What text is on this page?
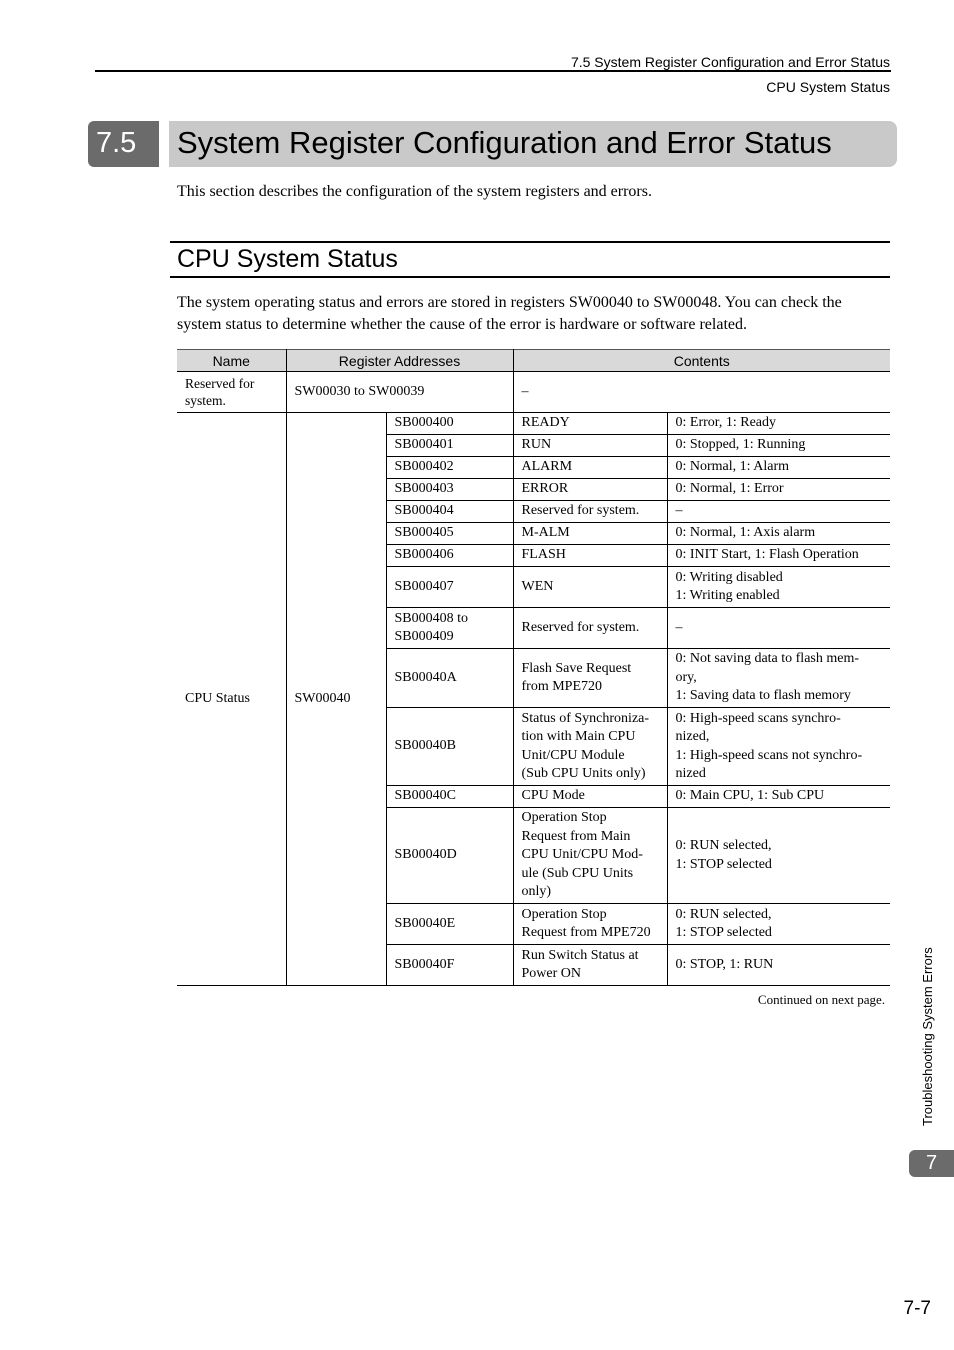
7.5 System Register Configuration and Error Status
CPU System Status
7.5	System Register Configuration and Error Status

This section describes the configuration of the system registers and errors.

CPU System Status

The system operating status and errors are stored in registers SW00040 to SW00048. You can check the system status to determine whether the cause of the error is hardware or software related.

Name	Register Addresses		Contents	
Reserved for system.	SW00030 to SW00039		–	
CPU Status	SW00040	SB000400	READY	0: Error, 1: Ready
		SB000401	RUN	0: Stopped, 1: Running
		SB000402	ALARM	0: Normal, 1: Alarm
		SB000403	ERROR	0: Normal, 1: Error
		SB000404	Reserved for system.	–
		SB000405	M-ALM	0: Normal, 1: Axis alarm
		SB000406	FLASH	0: INIT Start, 1: Flash Operation
		SB000407	WEN	0: Writing disabled
1: Writing enabled
		SB000408 to
SB000409	Reserved for system.	–
		SB00040A	Flash Save Request
from MPE720	0: Not saving data to flash mem-
ory,
1: Saving data to flash memory
		SB00040B	Status of Synchroniza-
tion with Main CPU
Unit/CPU Module
(Sub CPU Units only)	0: High-speed scans synchro-
nized,
1: High-speed scans not synchro-
nized
		SB00040C	CPU Mode	0: Main CPU, 1: Sub CPU
		SB00040D	Operation Stop
Request from Main
CPU Unit/CPU Mod-
ule (Sub CPU Units
only)	0: RUN selected,
1: STOP selected
		SB00040E	Operation Stop
Request from MPE720	0: RUN selected,
1: STOP selected
		SB00040F	Run Switch Status at
Power ON	0: STOP, 1: RUN
Continued on next page.	Troubleshooting System Errors
7
7-7
